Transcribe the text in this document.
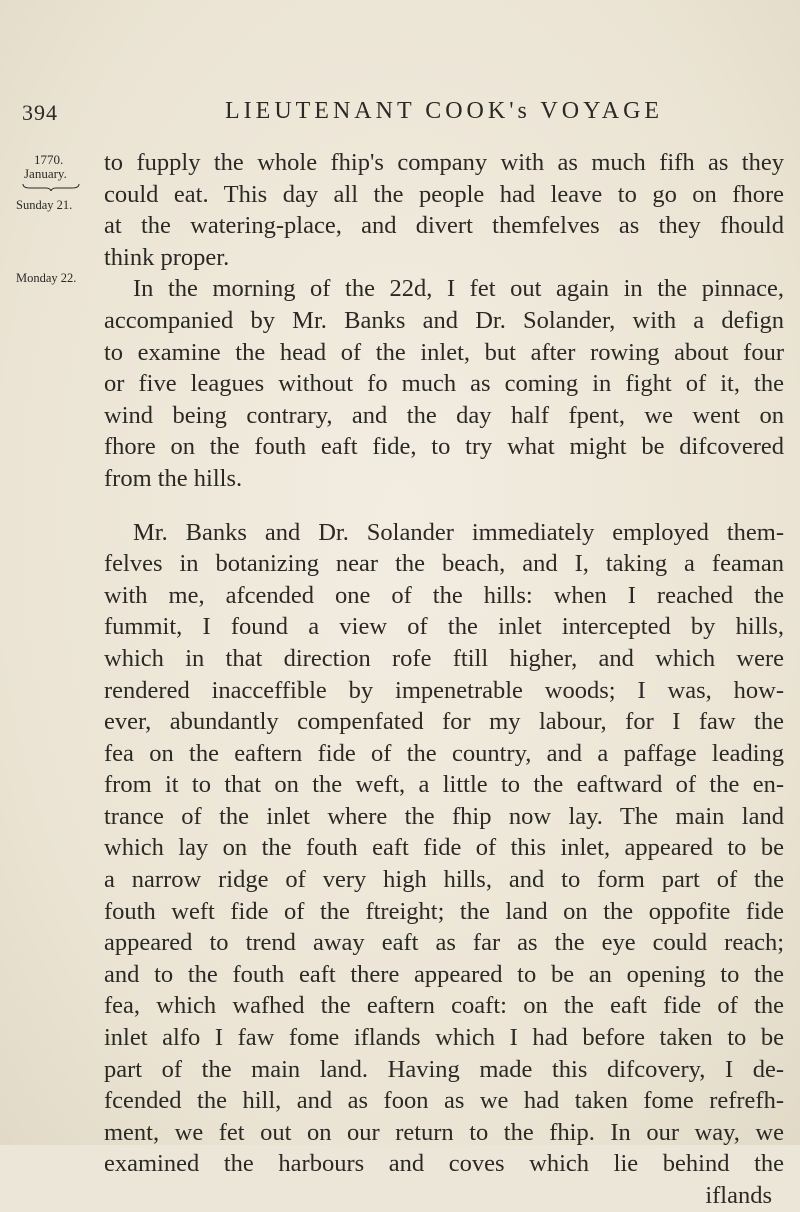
394	LIEUTENANT COOK's VOYAGE
1770.
January.
Sunday 21.
Monday 22.
to fupply the whole fhip's company with as much fifh as they
could eat. This day all the people had leave to go on fhore
at the watering-place, and divert themfelves as they fhould
think proper.
In the morning of the 22d, I fet out again in the pinnace,
accompanied by Mr. Banks and Dr. Solander, with a defign
to examine the head of the inlet, but after rowing about four
or five leagues without fo much as coming in fight of it, the
wind being contrary, and the day half fpent, we went on
fhore on the fouth eaft fide, to try what might be difcovered
from the hills.
Mr. Banks and Dr. Solander immediately employed them-
felves in botanizing near the beach, and I, taking a feaman
with me, afcended one of the hills: when I reached the
fummit, I found a view of the inlet intercepted by hills,
which in that direction rofe ftill higher, and which were
rendered inacceffible by impenetrable woods; I was, how-
ever, abundantly compenfated for my labour, for I faw the
fea on the eaftern fide of the country, and a paffage leading
from it to that on the weft, a little to the eaftward of the en-
trance of the inlet where the fhip now lay. The main land
which lay on the fouth eaft fide of this inlet, appeared to be
a narrow ridge of very high hills, and to form part of the
fouth weft fide of the ftreight; the land on the oppofite fide
appeared to trend away eaft as far as the eye could reach;
and to the fouth eaft there appeared to be an opening to the
fea, which wafhed the eaftern coaft: on the eaft fide of the
inlet alfo I faw fome iflands which I had before taken to be
part of the main land. Having made this difcovery, I de-
fcended the hill, and as foon as we had taken fome refrefh-
ment, we fet out on our return to the fhip. In our way, we
examined the harbours and coves which lie behind the
iflands
